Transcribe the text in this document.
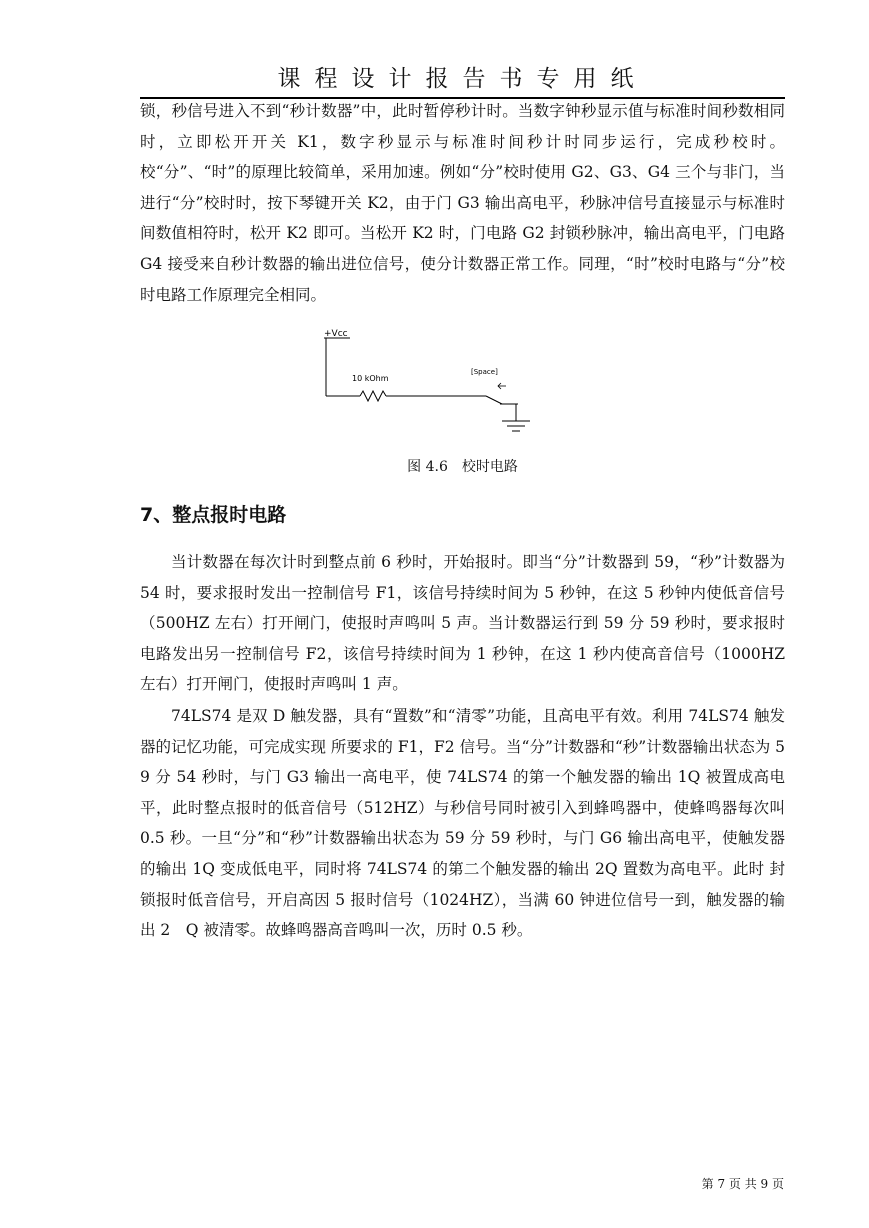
课程设计报告书专用纸

锁，秒信号进入不到“秒计数器”中，此时暂停秒计时。当数字钟秒显示值与标准时间秒数相同时，立即松开开关 K1，数字秒显示与标准时间秒计时同步运行，完成秒校时。校“分”、“时”的原理比较简单，采用加速。例如“分”校时使用 G2、G3、G4 三个与非门，当进行“分”校时时，按下琴键开关 K2，由于门 G3 输出高电平，秒脉冲信号直接显示与标准时间数值相符时，松开 K2 即可。当松开 K2 时，门电路 G2 封锁秒脉冲，输出高电平，门电路 G4 接受来自秒计数器的输出进位信号，使分计数器正常工作。同理，“时”校时电路与“分”校时电路工作原理完全相同。

+Vcc
10 kOhm
[Space]
图 4.6　校时电路
7、整点报时电路

当计数器在每次计时到整点前 6 秒时，开始报时。即当“分”计数器到 59，“秒”计数器为 54 时，要求报时发出一控制信号 F1，该信号持续时间为 5 秒钟，在这 5 秒钟内使低音信号（500HZ 左右）打开闸门，使报时声鸣叫 5 声。当计数器运行到 59 分 59 秒时，要求报时电路发出另一控制信号 F2，该信号持续时间为 1 秒钟，在这 1 秒内使高音信号（1000HZ 左右）打开闸门，使报时声鸣叫 1 声。

74LS74 是双 D 触发器，具有“置数”和“清零”功能，且高电平有效。利用 74LS74 触发器的记忆功能，可完成实现 所要求的 F1，F2 信号。当“分”计数器和“秒”计数器输出状态为 59 分 54 秒时，与门 G3 输出一高电平，使 74LS74 的第一个触发器的输出 1Q 被置成高电平，此时整点报时的低音信号（512HZ）与秒信号同时被引入到蜂鸣器中，使蜂鸣器每次叫 0.5 秒。一旦“分”和“秒”计数器输出状态为 59 分 59 秒时，与门 G6 输出高电平，使触发器的输出 1Q 变成低电平，同时将 74LS74 的第二个触发器的输出 2Q 置数为高电平。此时 封锁报时低音信号，开启高因 5 报时信号（1024HZ），当满 60 钟进位信号一到，触发器的输出 2　Q 被清零。故蜂鸣器高音鸣叫一次，历时 0.5 秒。

第 7 页 共 9 页
